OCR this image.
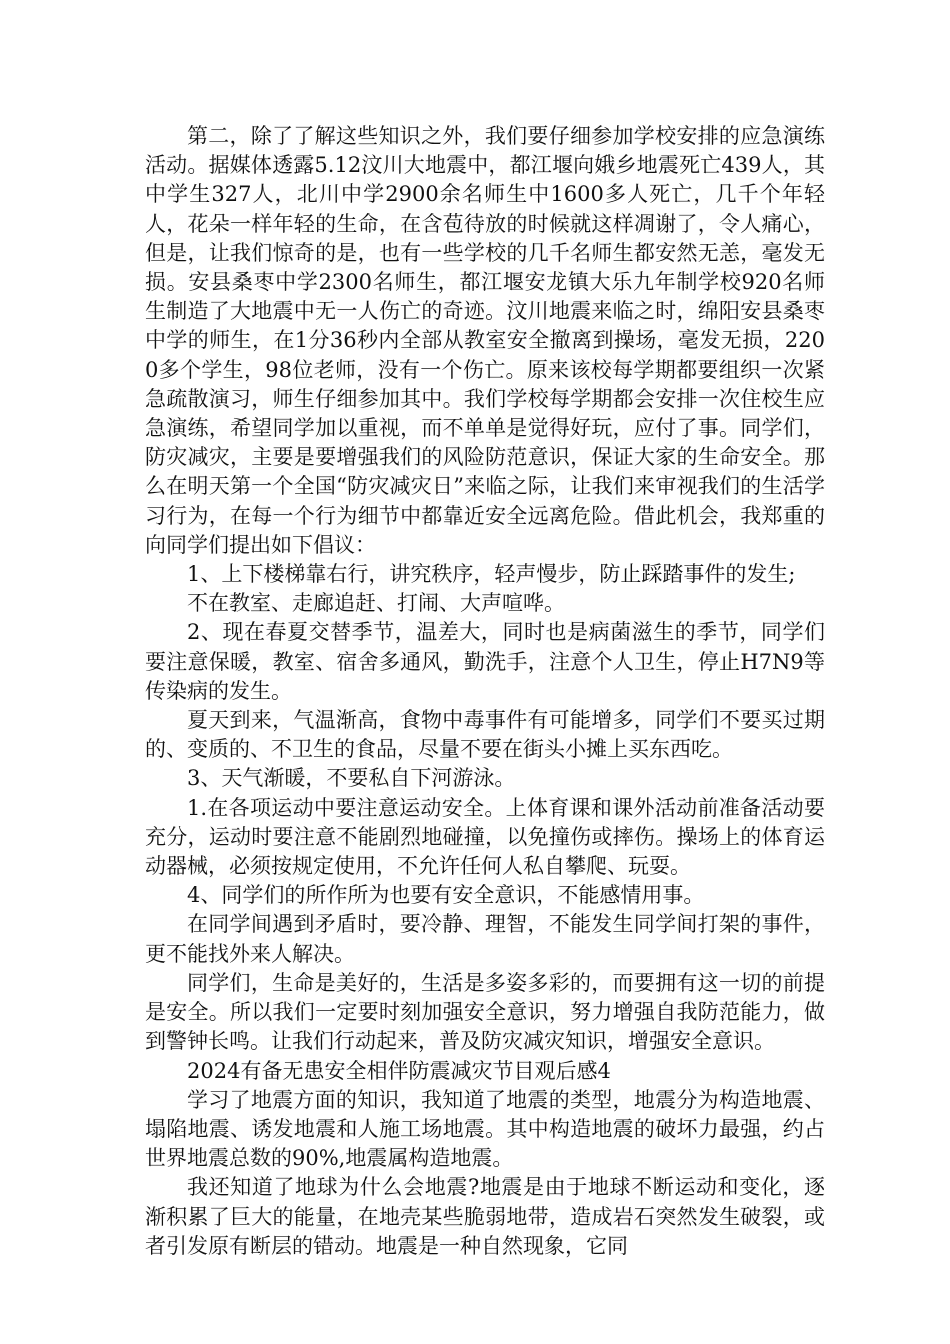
第二，除了了解这些知识之外，我们要仔细参加学校安排的应急演练活动。据媒体透露5.12汶川大地震中，都江堰向娥乡地震死亡439人，其中学生327人，北川中学2900余名师生中1600多人死亡，几千个年轻人，花朵一样年轻的生命，在含苞待放的时候就这样凋谢了，令人痛心，但是，让我们惊奇的是，也有一些学校的几千名师生都安然无恙，毫发无损。安县桑枣中学2300名师生，都江堰安龙镇大乐九年制学校920名师生制造了大地震中无一人伤亡的奇迹。汶川地震来临之时，绵阳安县桑枣中学的师生，在1分36秒内全部从教室安全撤离到操场，毫发无损，2200多个学生，98位老师，没有一个伤亡。原来该校每学期都要组织一次紧急疏散演习，师生仔细参加其中。我们学校每学期都会安排一次住校生应急演练，希望同学加以重视，而不单单是觉得好玩，应付了事。同学们，防灾减灾，主要是要增强我们的风险防范意识，保证大家的生命安全。那么在明天第一个全国“防灾减灾日”来临之际，让我们来审视我们的生活学习行为，在每一个行为细节中都靠近安全远离危险。借此机会，我郑重的向同学们提出如下倡议：

1、上下楼梯靠右行，讲究秩序，轻声慢步，防止踩踏事件的发生;

不在教室、走廊追赶、打闹、大声喧哗。

2、现在春夏交替季节，温差大，同时也是病菌滋生的季节，同学们要注意保暖，教室、宿舍多通风，勤洗手，注意个人卫生，停止H7N9等传染病的发生。

夏天到来，气温渐高，食物中毒事件有可能增多，同学们不要买过期的、变质的、不卫生的食品，尽量不要在街头小摊上买东西吃。

3、天气渐暖，不要私自下河游泳。

1.在各项运动中要注意运动安全。上体育课和课外活动前准备活动要充分，运动时要注意不能剧烈地碰撞，以免撞伤或摔伤。操场上的体育运动器械，必须按规定使用，不允许任何人私自攀爬、玩耍。

4、同学们的所作所为也要有安全意识，不能感情用事。

在同学间遇到矛盾时，要冷静、理智，不能发生同学间打架的事件，更不能找外来人解决。

同学们，生命是美好的，生活是多姿多彩的，而要拥有这一切的前提是安全。所以我们一定要时刻加强安全意识，努力增强自我防范能力，做到警钟长鸣。让我们行动起来，普及防灾减灾知识，增强安全意识。

2024有备无患安全相伴防震减灾节目观后感4

学习了地震方面的知识，我知道了地震的类型，地震分为构造地震、塌陷地震、诱发地震和人施工场地震。其中构造地震的破坏力最强，约占世界地震总数的90%,地震属构造地震。

我还知道了地球为什么会地震?地震是由于地球不断运动和变化，逐渐积累了巨大的能量，在地壳某些脆弱地带，造成岩石突然发生破裂，或者引发原有断层的错动。地震是一种自然现象，它同
